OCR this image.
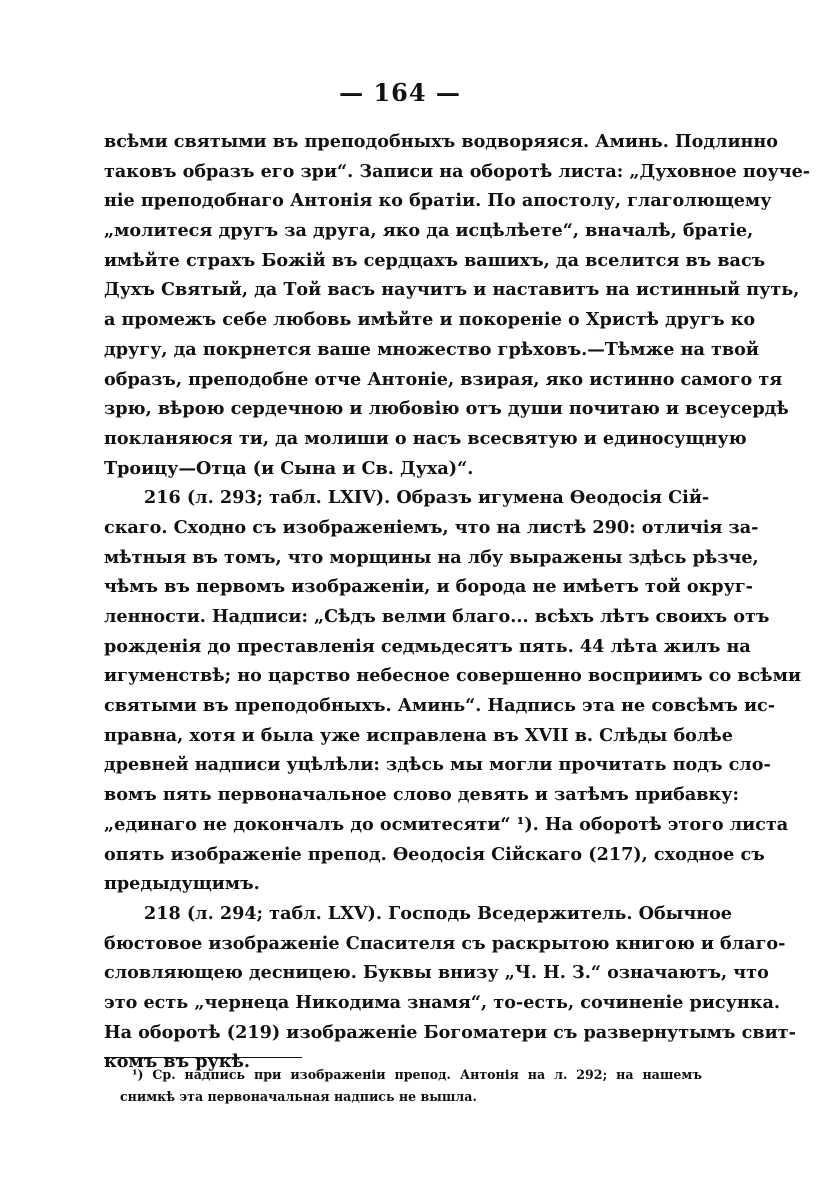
— 164 —
всѣми святыми въ преподобныхъ водворяяся. Аминь. Подлинно
таковъ образъ его зри“. Записи на оборотѣ листа: „Духовное поуче-
ніе преподобнаго Антонія ко братіи. По апостолу, глаголющему
„молитеся другъ за друга, яко да исцѣлѣете“, вначалѣ, братіе,
имѣйте страхъ Божій въ сердцахъ вашихъ, да вселится въ васъ
Духъ Святый, да Той васъ научитъ и наставитъ на истинный путь,
а промежъ себе любовь имѣйте и покореніе о Христѣ другъ ко
другу, да покрнется ваше множество грѣховъ.—Тѣмже на твой
образъ, преподобне отче Антоніе, взирая, яко истинно самого тя
зрю, вѣрою сердечною и любовію отъ души почитаю и всеусердѣ
покланяюся ти, да молиши о насъ всесвятую и единосущную
Троицу—Отца (и Сына и Св. Духа)“.
216 (л. 293; табл. LXIV). Образъ игумена Ѳеодосія Сій-
скаго. Сходно съ изображеніемъ, что на листѣ 290: отличія за-
мѣтныя въ томъ, что морщины на лбу выражены здѣсь рѣзче,
чѣмъ въ первомъ изображеніи, и борода не имѣетъ той округ-
ленности. Надписи: „Сѣдъ велми благо... всѣхъ лѣтъ своихъ отъ
рожденія до преставленія седмьдесятъ пять. 44 лѣта жилъ на
игуменствѣ; но царство небесное совершенно восприимъ со всѣми
святыми въ преподобныхъ. Аминь“. Надпись эта не совсѣмъ ис-
правна, хотя и была уже исправлена въ XVII в. Слѣды болѣе
древней надписи уцѣлѣли: здѣсь мы могли прочитать подъ сло-
вомъ пять первоначальное слово девять и затѣмъ прибавку:
„единаго не докончалъ до осмитесяти“ ¹). На оборотѣ этого листа
опять изображеніе препод. Ѳеодосія Сійскаго (217), сходное съ
предыдущимъ.
218 (л. 294; табл. LXV). Господь Вседержитель. Обычное
бюстовое изображеніе Спасителя съ раскрытою книгою и благо-
словляющею десницею. Буквы внизу „Ч. Н. З.“ означаютъ, что
это есть „чернеца Никодима знамя“, то-есть, сочиненіе рисунка.
На оборотѣ (219) изображеніе Богоматери съ развернутымъ свит-
комъ въ рукѣ.
¹) Ср. надпись при изображеніи препод. Антонія на л. 292; на нашемъ
снимкѣ эта первоначальная надпись не вышла.
